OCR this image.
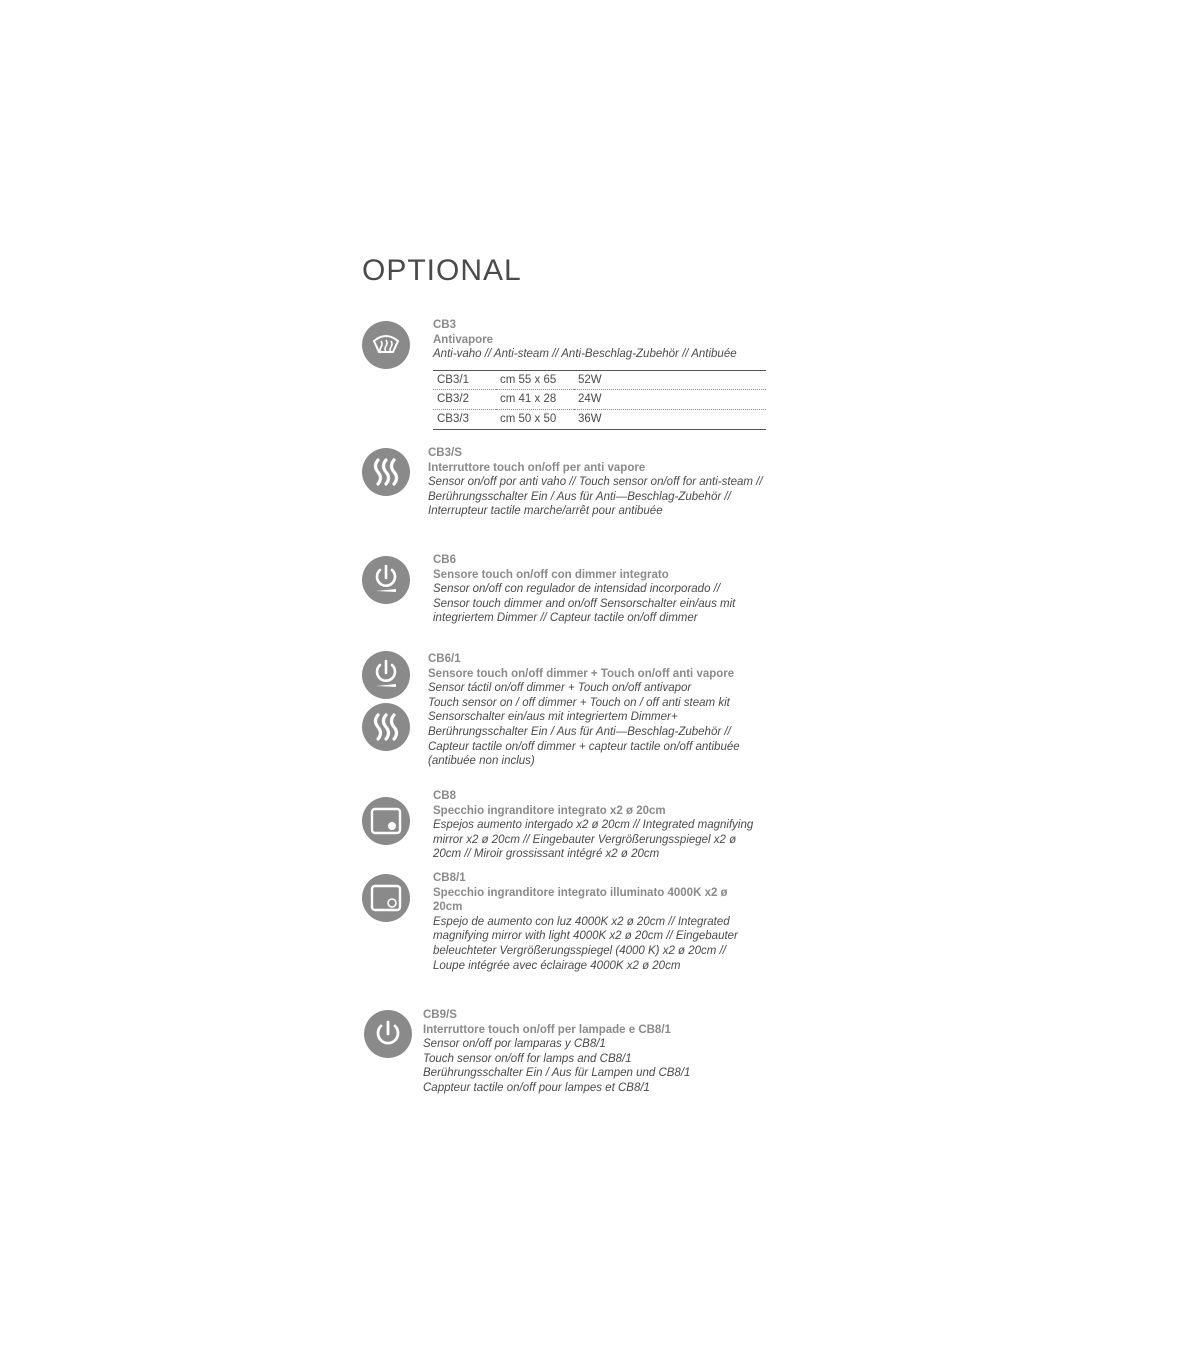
OPTIONAL
CB3
Antivapore
Anti-vaho // Anti-steam // Anti-Beschlag-Zubehör // Antibuée
CB3/1	cm 55 x 65	52W
CB3/2	cm 41 x 28	24W
CB3/3	cm 50 x 50	36W
CB3/S
Interruttore touch on/off per anti vapore
Sensor on/off por anti vaho // Touch sensor on/off for anti-steam // Berührungsschalter Ein / Aus für Anti—Beschlag-Zubehör // Interrupteur tactile marche/arrêt pour antibuée
CB6
Sensore touch on/off con dimmer integrato
Sensor on/off con regulador de intensidad incorporado // Sensor touch dimmer and on/off Sensorschalter ein/aus mit integriertem Dimmer // Capteur tactile on/off dimmer
CB6/1
Sensore touch on/off dimmer + Touch on/off anti vapore
Sensor táctil on/off dimmer + Touch on/off antivapor
Touch sensor on / off dimmer + Touch on / off anti steam kit
Sensorschalter ein/aus mit integriertem Dimmer+
Berührungsschalter Ein / Aus für Anti—Beschlag-Zubehör //
Capteur tactile on/off dimmer + capteur tactile on/off antibuée
(antibuée non inclus)
CB8
Specchio ingranditore integrato x2 ø 20cm
Espejos aumento intergado x2 ø 20cm // Integrated magnifying mirror x2 ø 20cm // Eingebauter Vergrößerungsspiegel x2 ø 20cm // Miroir grossissant intégré x2 ø 20cm
CB8/1
Specchio ingranditore integrato illuminato 4000K x2 ø 20cm
Espejo de aumento con luz 4000K x2 ø 20cm // Integrated magnifying mirror with light 4000K x2 ø 20cm // Eingebauter beleuchteter Vergrößerungsspiegel (4000 K) x2 ø 20cm // Loupe intégrée avec éclairage 4000K x2 ø 20cm
CB9/S
Interruttore touch on/off per lampade e CB8/1
Sensor on/off por lamparas y CB8/1
Touch sensor on/off for lamps and CB8/1
Berührungsschalter Ein / Aus für Lampen und CB8/1
Cappteur tactile on/off pour lampes et CB8/1
